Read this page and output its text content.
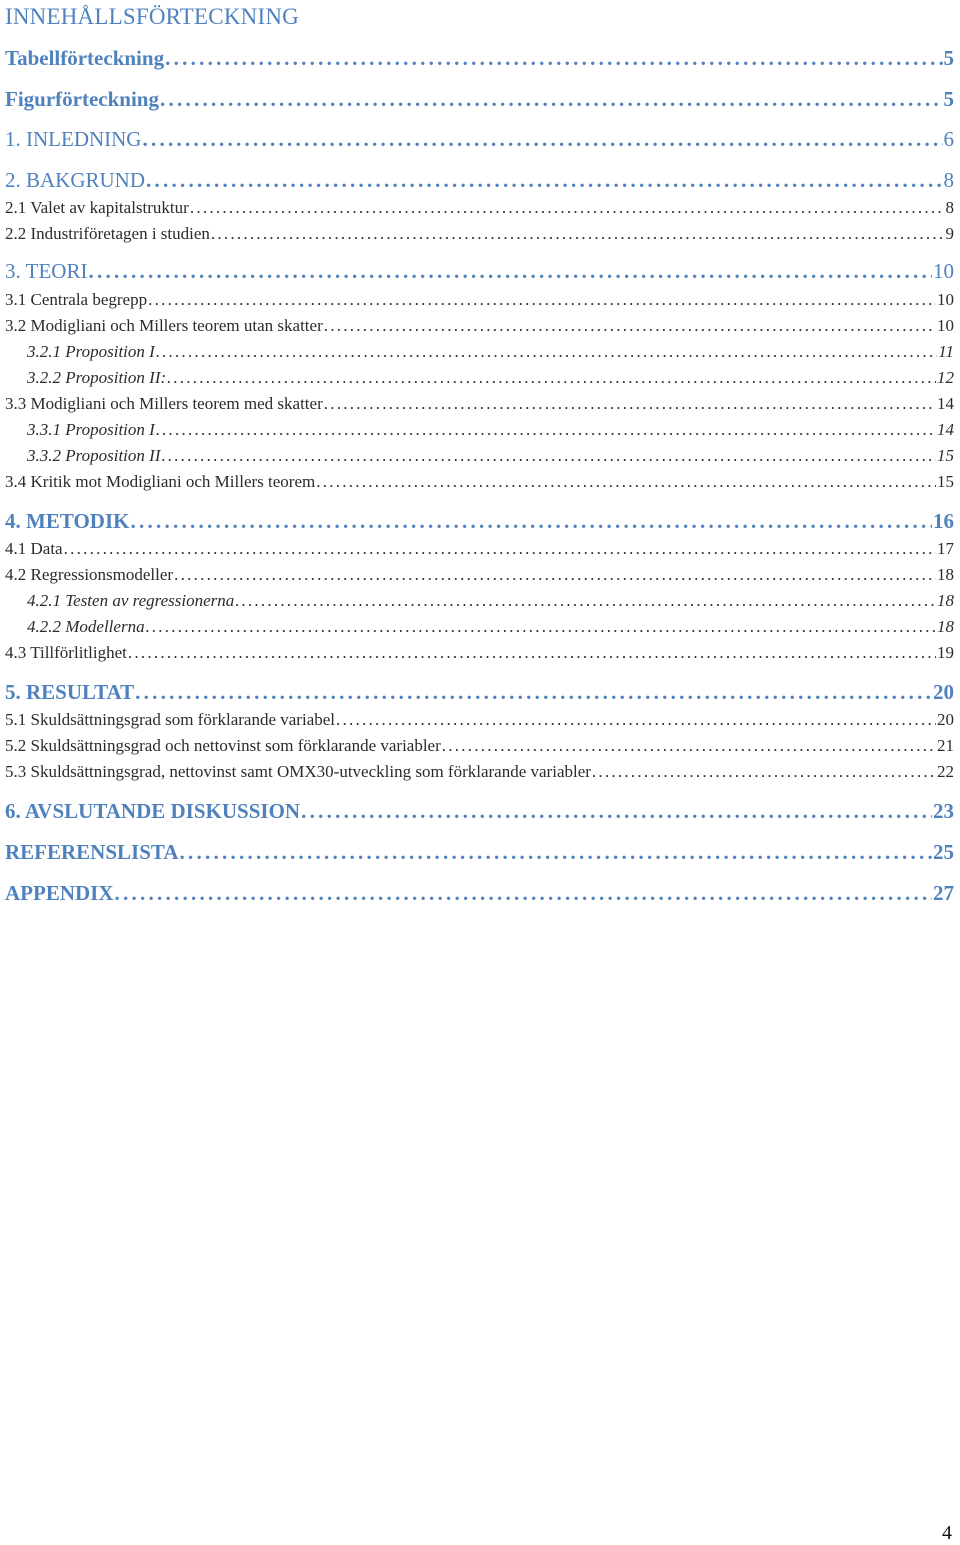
INNEHÅLLSFÖRTECKNING
Tabellförteckning . . .	5
Figurförteckning . . .	5
1. INLEDNING . . .	6
2. BAKGRUND . . .	8
2.1 Valet av kapitalstruktur . . .	8
2.2 Industriföretagen i studien . . .	9
3. TEORI . . .	10
3.1 Centrala begrepp . . .	10
3.2 Modigliani och Millers teorem utan skatter . . .	10
3.2.1 Proposition I . . .	11
3.2.2 Proposition II: . . .	12
3.3 Modigliani och Millers teorem med skatter . . .	14
3.3.1 Proposition I . . .	14
3.3.2 Proposition II . . .	15
3.4 Kritik mot Modigliani och Millers teorem . . .	15
4. METODIK . . .	16
4.1 Data . . .	17
4.2 Regressionsmodeller . . .	18
4.2.1 Testen av regressionerna . . .	18
4.2.2 Modellerna . . .	18
4.3 Tillförlitlighet . . .	19
5. RESULTAT . . .	20
5.1 Skuldsättningsgrad som förklarande variabel . . .	20
5.2 Skuldsättningsgrad och nettovinst som förklarande variabler . . .	21
5.3 Skuldsättningsgrad, nettovinst samt OMX30-utveckling som förklarande variabler . . .	22
6. AVSLUTANDE DISKUSSION . . .	23
REFERENSLISTA . . .	25
APPENDIX . . .	27
4
